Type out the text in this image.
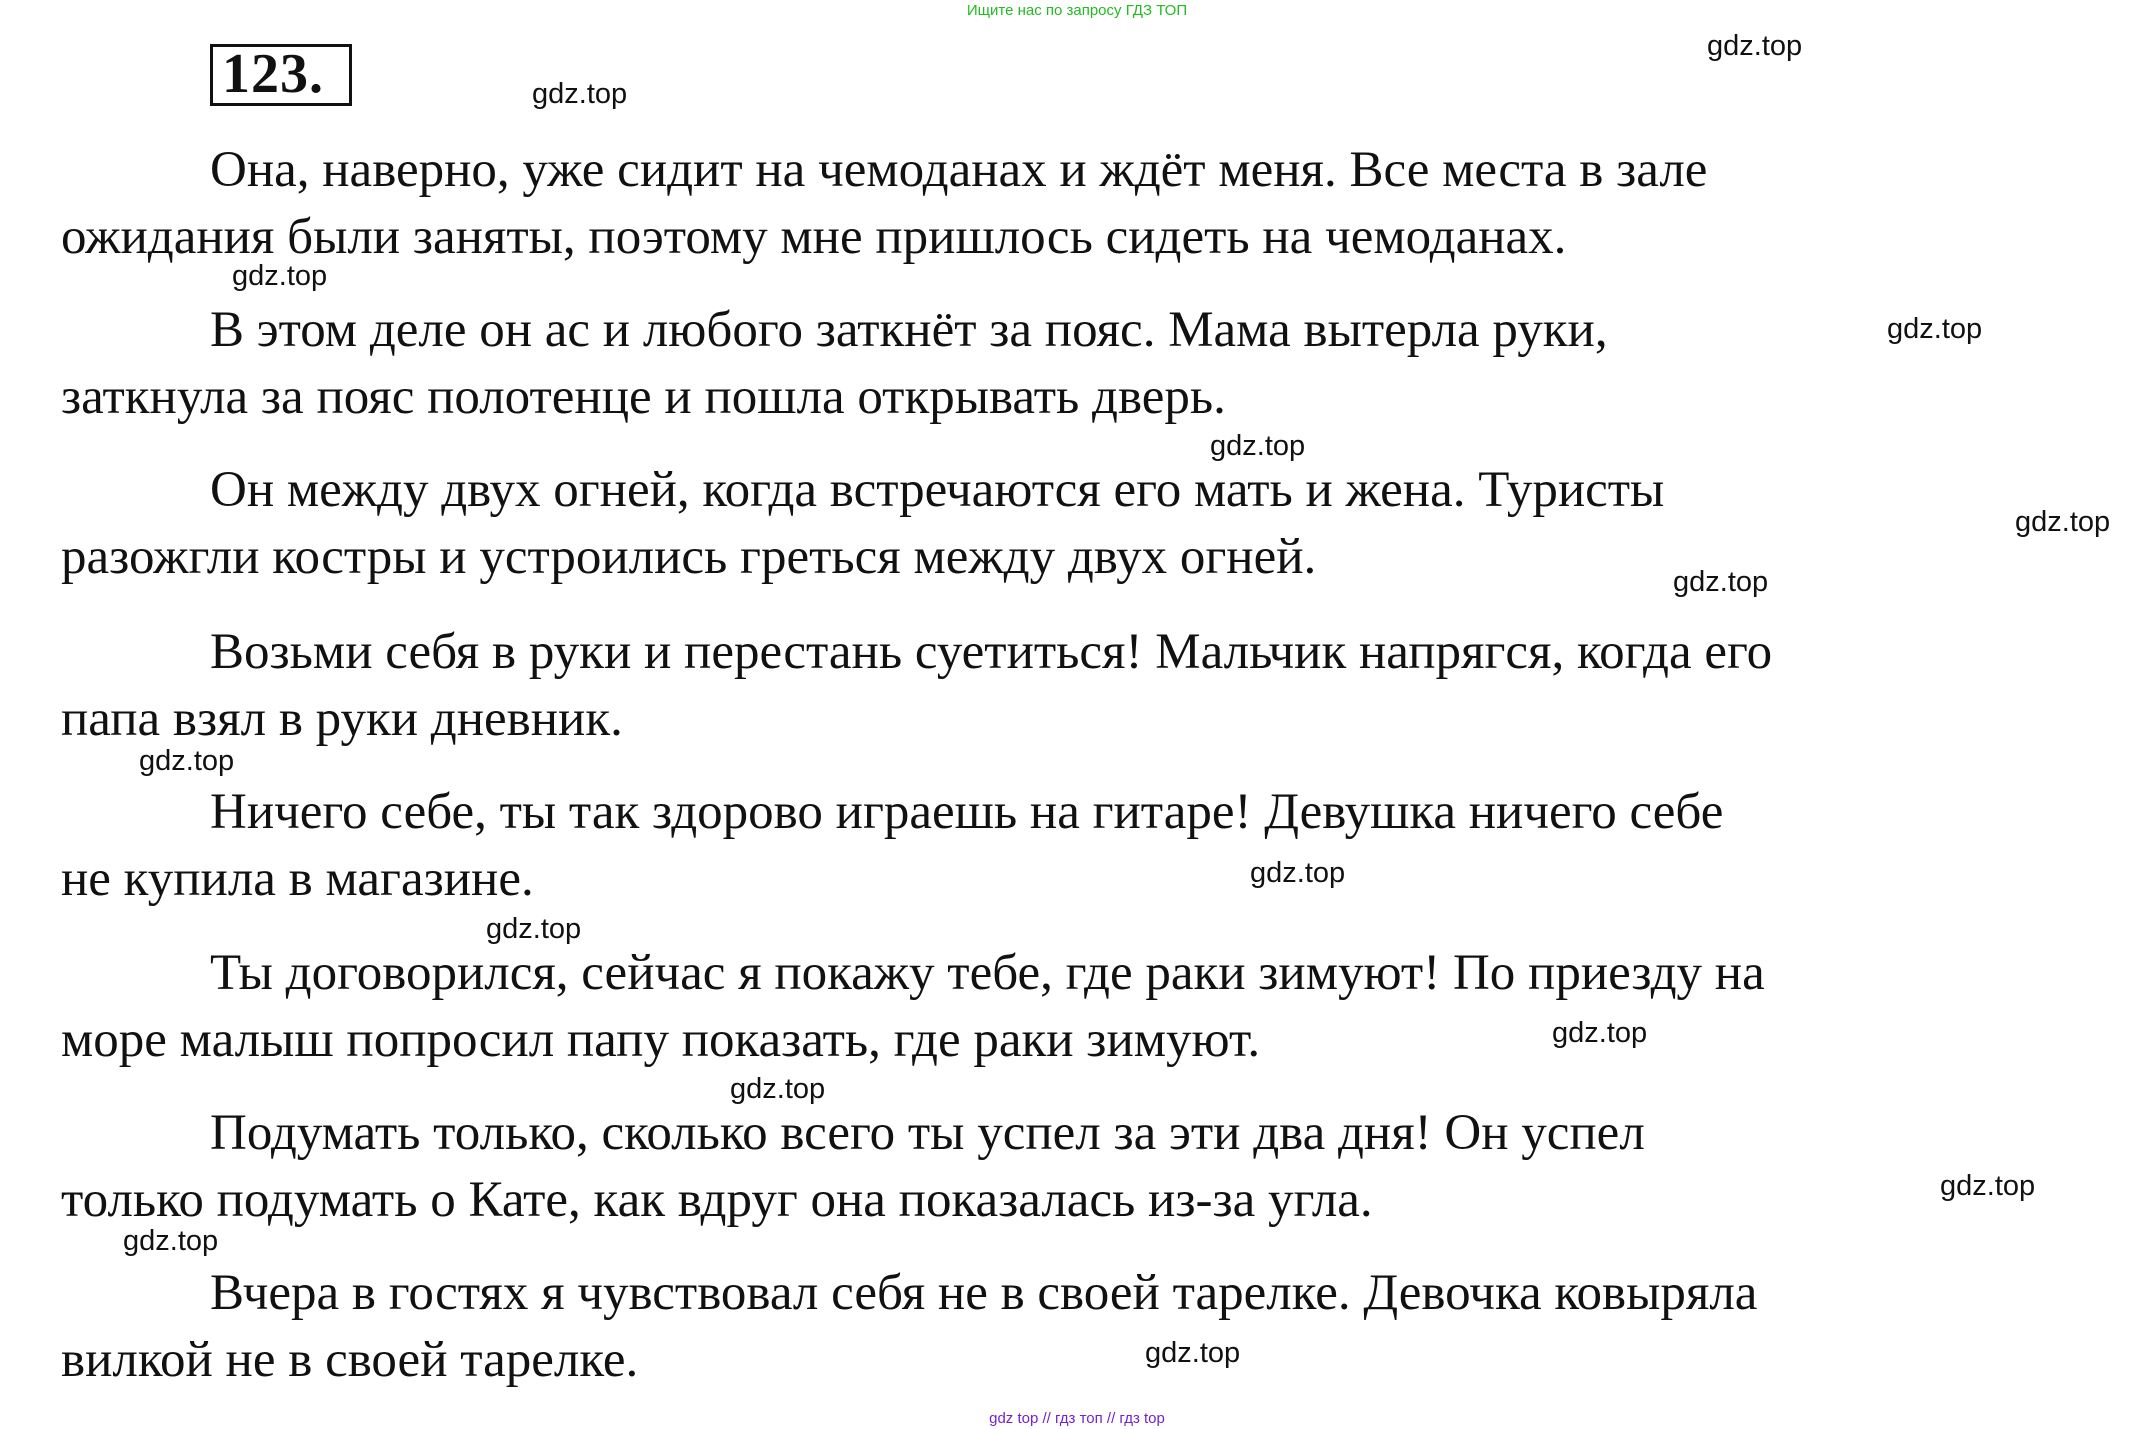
Ищите нас по запросу ГДЗ ТОП
123.
Она, наверно, уже сидит на чемоданах и ждёт меня. Все места в зале
ожидания были заняты, поэтому мне пришлось сидеть на чемоданах.
В этом деле он ас и любого заткнёт за пояс. Мама вытерла руки,
заткнула за пояс полотенце и пошла открывать дверь.
Он между двух огней, когда встречаются его мать и жена. Туристы
разожгли костры и устроились греться между двух огней.
Возьми себя в руки и перестань суетиться! Мальчик напрягся, когда его
папа взял в руки дневник.
Ничего себе, ты так здорово играешь на гитаре! Девушка ничего себе
не купила в магазине.
Ты договорился, сейчас я покажу тебе, где раки зимуют! По приезду на
море малыш попросил папу показать, где раки зимуют.
Подумать только, сколько всего ты успел за эти два дня! Он успел
только подумать о Кате, как вдруг она показалась из-за угла.
Вчера в гостях я чувствовал себя не в своей тарелке. Девочка ковыряла
вилкой не в своей тарелке.
gdz.top
gdz.top
gdz.top
gdz.top
gdz.top
gdz.top
gdz.top
gdz.top
gdz.top
gdz.top
gdz.top
gdz.top
gdz.top
gdz.top
gdz.top
gdz top // гдз топ // гдз top
